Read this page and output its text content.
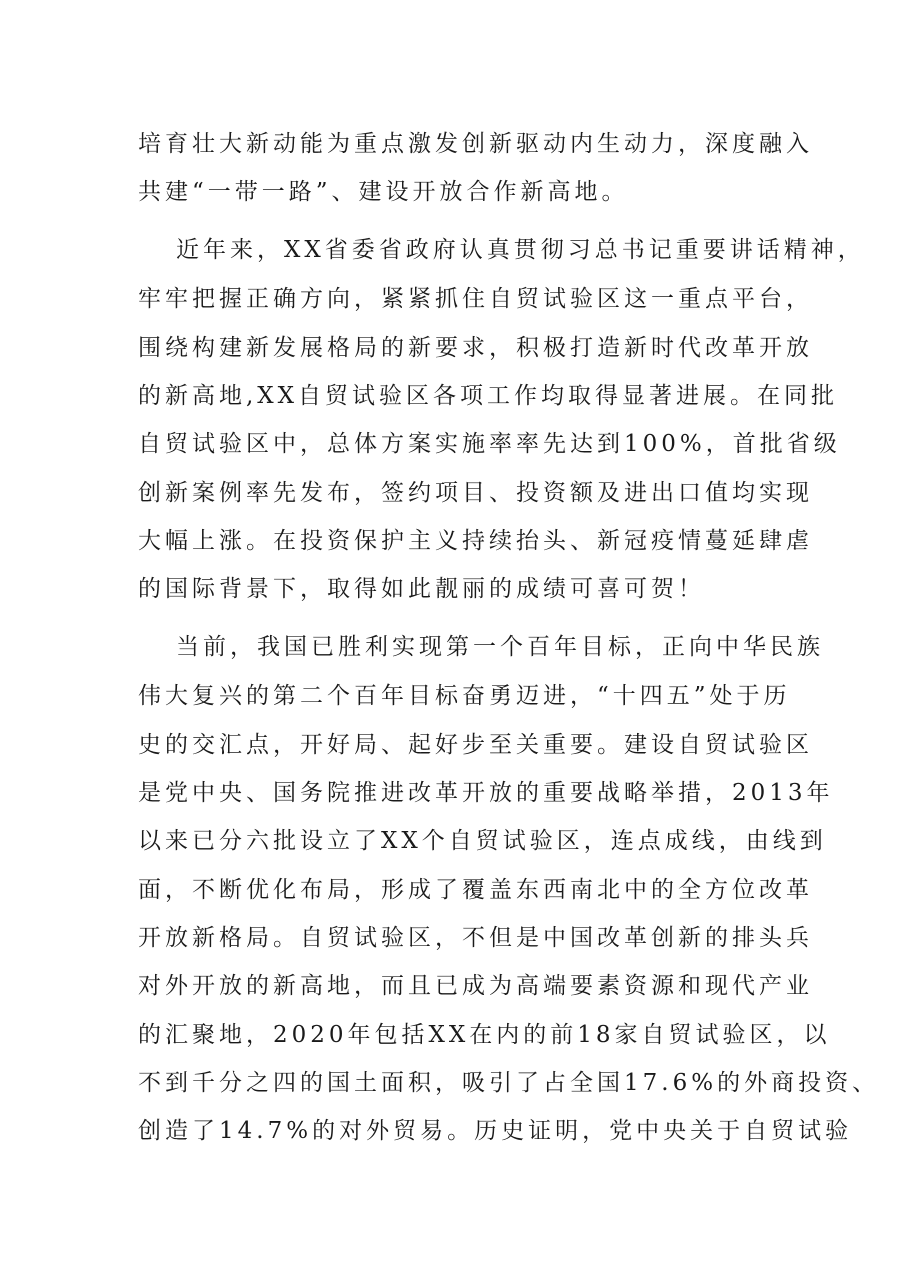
培育壮大新动能为重点激发创新驱动内生动力，深度融入
共建“一带一路”、建设开放合作新高地。
近年来，XX省委省政府认真贯彻习总书记重要讲话精神，
牢牢把握正确方向，紧紧抓住自贸试验区这一重点平台，
围绕构建新发展格局的新要求，积极打造新时代改革开放
的新高地,XX自贸试验区各项工作均取得显著进展。在同批
自贸试验区中，总体方案实施率率先达到100%，首批省级
创新案例率先发布，签约项目、投资额及进出口值均实现
大幅上涨。在投资保护主义持续抬头、新冠疫情蔓延肆虐
的国际背景下，取得如此靓丽的成绩可喜可贺！
当前，我国已胜利实现第一个百年目标，正向中华民族
伟大复兴的第二个百年目标奋勇迈进，“十四五”处于历
史的交汇点，开好局、起好步至关重要。建设自贸试验区
是党中央、国务院推进改革开放的重要战略举措，2013年
以来已分六批设立了XX个自贸试验区，连点成线，由线到
面，不断优化布局，形成了覆盖东西南北中的全方位改革
开放新格局。自贸试验区，不但是中国改革创新的排头兵
对外开放的新高地，而且已成为高端要素资源和现代产业
的汇聚地，2020年包括XX在内的前18家自贸试验区，以
不到千分之四的国土面积，吸引了占全国17.6%的外商投资、
创造了14.7%的对外贸易。历史证明，党中央关于自贸试验
